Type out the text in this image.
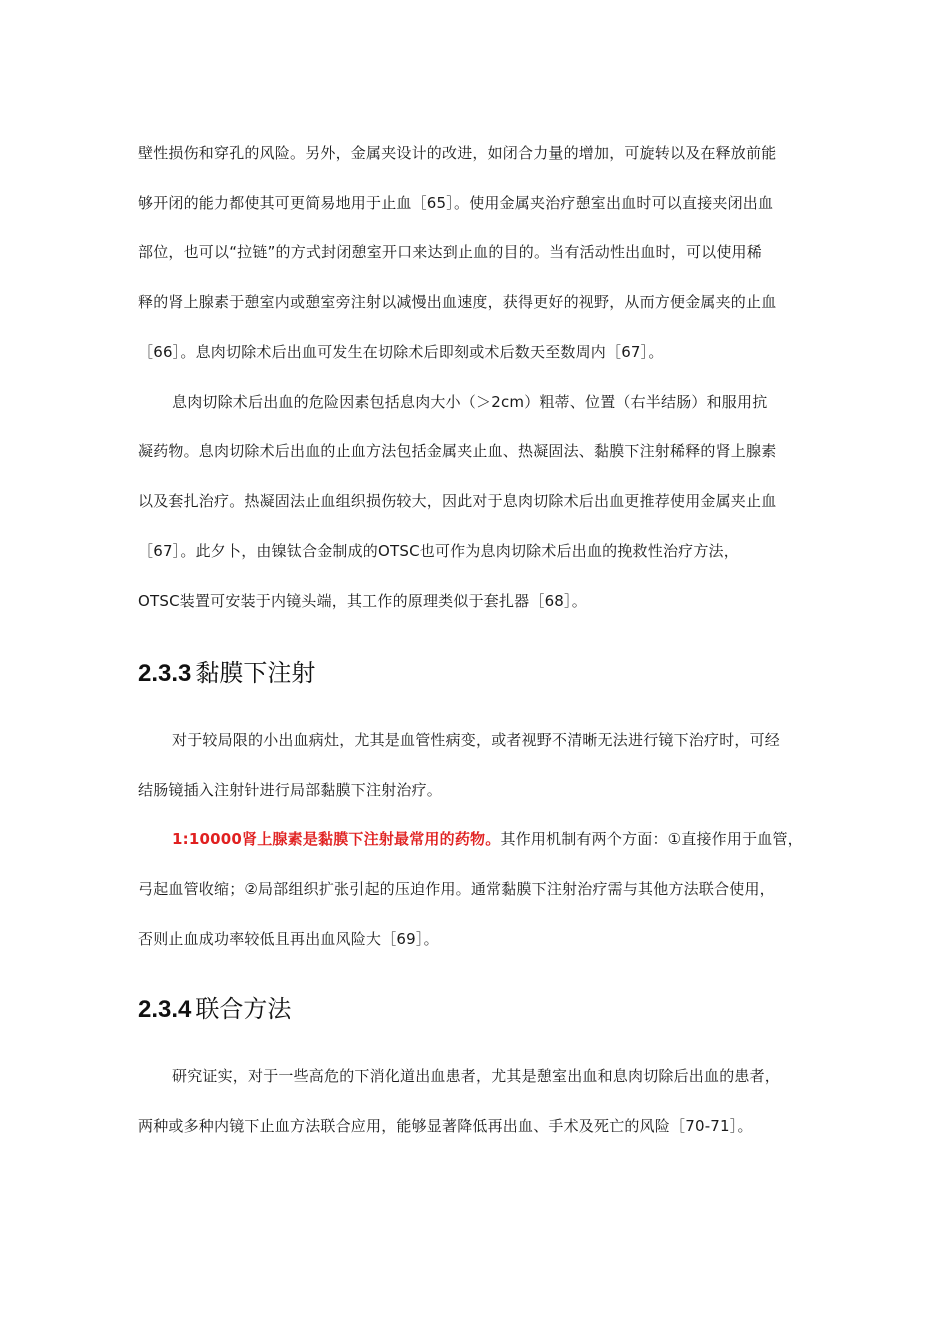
壁性损伤和穿孔的风险。另外，金属夹设计的改进，如闭合力量的增加，可旋转以及在释放前能
够开闭的能力都使其可更简易地用于止血［65］。使用金属夹治疗憩室出血时可以直接夹闭出血
部位，也可以“拉链”的方式封闭憩室开口来达到止血的目的。当有活动性出血时，可以使用稀
释的肾上腺素于憩室内或憩室旁注射以减慢出血速度，获得更好的视野，从而方便金属夹的止血
［66］。息肉切除术后出血可发生在切除术后即刻或术后数天至数周内［67］。
息肉切除术后出血的危险因素包括息肉大小（＞2cm）粗蒂、位置（右半结肠）和服用抗
凝药物。息肉切除术后出血的止血方法包括金属夹止血、热凝固法、黏膜下注射稀释的肾上腺素
以及套扎治疗。热凝固法止血组织损伤较大，因此对于息肉切除术后出血更推荐使用金属夹止血
［67］。此夕卜，由镍钛合金制成的OTSC也可作为息肉切除术后出血的挽救性治疗方法，
OTSC装置可安装于内镜头端，其工作的原理类似于套扎器［68］。
2.3.3 黏膜下注射
对于较局限的小出血病灶，尤其是血管性病变，或者视野不清晰无法进行镜下治疗时，可经
结肠镜插入注射针进行局部黏膜下注射治疗。
1:10000肾上腺素是黏膜下注射最常用的药物。其作用机制有两个方面：①直接作用于血管，
弓起血管收缩；②局部组织扩张引起的压迫作用。通常黏膜下注射治疗需与其他方法联合使用，
否则止血成功率较低且再出血风险大［69］。
2.3.4 联合方法
研究证实，对于一些高危的下消化道出血患者，尤其是憩室出血和息肉切除后出血的患者，
两种或多种内镜下止血方法联合应用，能够显著降低再出血、手术及死亡的风险［70-71］。
